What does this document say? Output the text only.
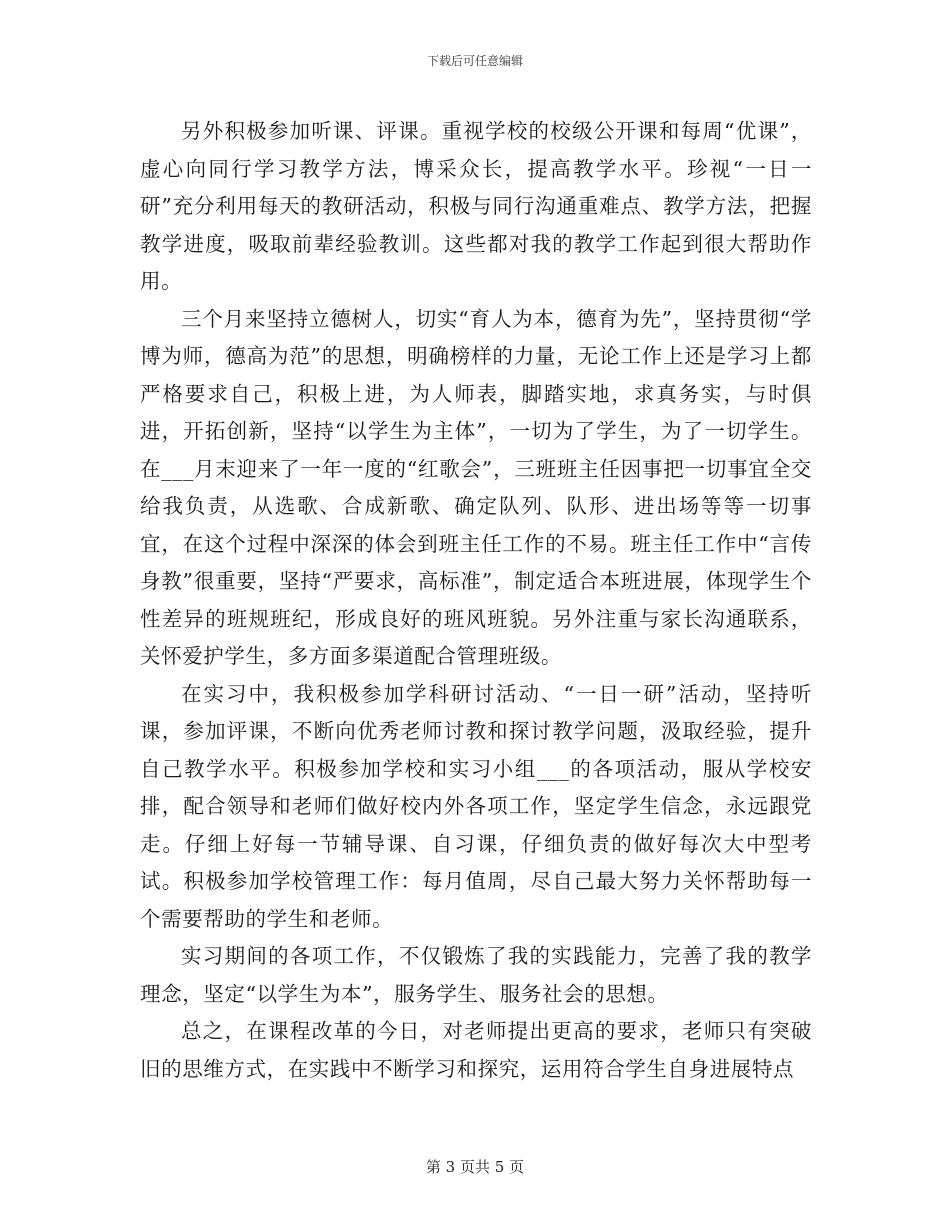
下载后可任意编辑

另外积极参加听课、评课。重视学校的校级公开课和每周“优课”，虚心向同行学习教学方法，博采众长，提高教学水平。珍视“一日一研”充分利用每天的教研活动，积极与同行沟通重难点、教学方法，把握教学进度，吸取前辈经验教训。这些都对我的教学工作起到很大帮助作用。

三个月来坚持立德树人，切实“育人为本，德育为先”，坚持贯彻“学博为师，德高为范”的思想，明确榜样的力量，无论工作上还是学习上都严格要求自己，积极上进，为人师表，脚踏实地，求真务实，与时俱进，开拓创新，坚持“以学生为主体”，一切为了学生，为了一切学生。在___月末迎来了一年一度的“红歌会”，三班班主任因事把一切事宜全交给我负责，从选歌、合成新歌、确定队列、队形、进出场等等一切事宜，在这个过程中深深的体会到班主任工作的不易。班主任工作中“言传身教”很重要，坚持“严要求，高标准”，制定适合本班进展，体现学生个性差异的班规班纪，形成良好的班风班貌。另外注重与家长沟通联系，关怀爱护学生，多方面多渠道配合管理班级。

在实习中，我积极参加学科研讨活动、“一日一研”活动，坚持听课，参加评课，不断向优秀老师讨教和探讨教学问题，汲取经验，提升自己教学水平。积极参加学校和实习小组___的各项活动，服从学校安排，配合领导和老师们做好校内外各项工作，坚定学生信念，永远跟党走。仔细上好每一节辅导课、自习课，仔细负责的做好每次大中型考试。积极参加学校管理工作：每月值周，尽自己最大努力关怀帮助每一个需要帮助的学生和老师。

实习期间的各项工作，不仅锻炼了我的实践能力，完善了我的教学理念，坚定“以学生为本”，服务学生、服务社会的思想。

总之，在课程改革的今日，对老师提出更高的要求，老师只有突破旧的思维方式，在实践中不断学习和探究，运用符合学生自身进展特点

第 3 页共 5 页
